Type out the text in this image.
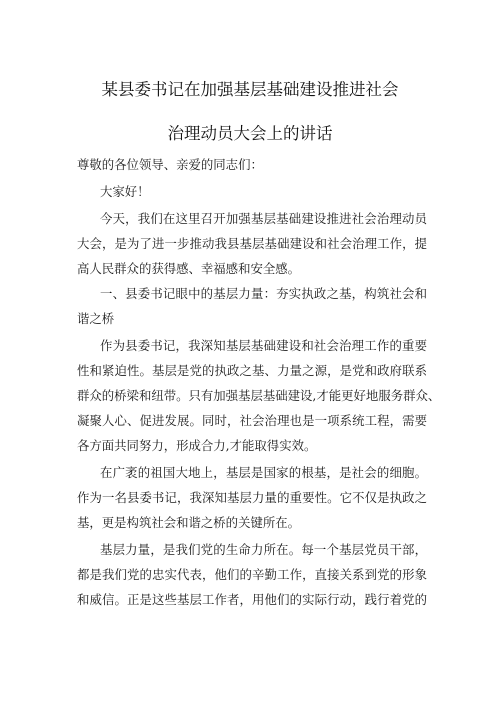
某县委书记在加强基层基础建设推进社会
治理动员大会上的讲话
尊敬的各位领导、亲爱的同志们：
大家好！
今天，我们在这里召开加强基层基础建设推进社会治理动员
大会，是为了进一步推动我县基层基础建设和社会治理工作，提
高人民群众的获得感、幸福感和安全感。
一、县委书记眼中的基层力量：夯实执政之基，构筑社会和
谐之桥
作为县委书记，我深知基层基础建设和社会治理工作的重要
性和紧迫性。基层是党的执政之基、力量之源，是党和政府联系
群众的桥梁和纽带。只有加强基层基础建设,才能更好地服务群众、
凝聚人心、促进发展。同时，社会治理也是一项系统工程，需要
各方面共同努力，形成合力,才能取得实效。
在广袤的祖国大地上，基层是国家的根基，是社会的细胞。
作为一名县委书记，我深知基层力量的重要性。它不仅是执政之
基，更是构筑社会和谐之桥的关键所在。
基层力量，是我们党的生命力所在。每一个基层党员干部，
都是我们党的忠实代表，他们的辛勤工作，直接关系到党的形象
和威信。正是这些基层工作者，用他们的实际行动，践行着党的
